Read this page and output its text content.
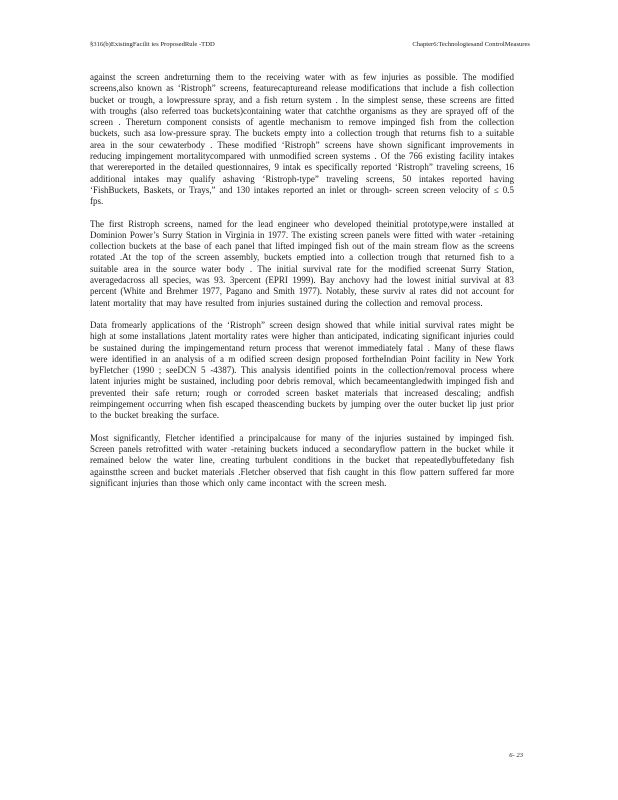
§316(b)ExistingFacilit ies ProposedRule -TDD	Chapter6:Technologiesand ControlMeasures

against the screen andreturning them to the receiving water with as few injuries as possible. The modified screens,also known as ‘Ristroph” screens, featurecaptureand release modifications that include a fish collection bucket or trough, a lowpressure spray, and a fish return system . In the simplest sense, these screens are fitted with troughs (also referred toas buckets)containing water that catchthe organisms as they are sprayed off of the screen . Thereturn component consists of agentle mechanism to remove impinged fish from the collection buckets, such asa low-pressure spray. The buckets empty into a collection trough that returns fish to a suitable area in the sour cewaterbody . These modified ‘Ristroph” screens have shown significant improvements in reducing impingement mortalitycompared with unmodified screen systems . Of the 766 existing facility intakes that werereported in the detailed questionnaires, 9 intak es specifically reported ‘Ristroph” traveling screens, 16 additional intakes may qualify ashaving ‘Ristroph-type” traveling screens, 50 intakes reported having ‘FishBuckets, Baskets, or Trays,” and 130 intakes reported an inlet or through- screen screen velocity of ≤ 0.5 fps.

The first Ristroph screens, named for the lead engineer who developed theinitial prototype,were installed at Dominion Power’s Surry Station in Virginia in 1977. The existing screen panels were fitted with water -retaining collection buckets at the base of each panel that lifted impinged fish out of the main stream flow as the screens rotated .At the top of the screen assembly, buckets emptied into a collection trough that returned fish to a suitable area in the source water body . The initial survival rate for the modified screenat Surry Station, averagedacross all species, was 93. 3percent (EPRI 1999). Bay anchovy had the lowest initial survival at 83 percent (White and Brehmer 1977, Pagano and Smith 1977). Notably, these surviv al rates did not account for latent mortality that may have resulted from injuries sustained during the collection and removal process.

Data fromearly applications of the ‘Ristroph” screen design showed that while initial survival rates might be high at some installations ,latent mortality rates were higher than anticipated, indicating significant injuries could be sustained during the impingementand return process that werenot immediately fatal . Many of these flaws were identified in an analysis of a m odified screen design proposed fortheIndian Point facility in New York byFletcher (1990 ; seeDCN 5 -4387). This analysis identified points in the collection/removal process where latent injuries might be sustained, including poor debris removal, which becameentangledwith impinged fish and prevented their safe return; rough or corroded screen basket materials that increased descaling; andfish reimpingement occurring when fish escaped theascending buckets by jumping over the outer bucket lip just prior to the bucket breaking the surface.

Most significantly, Fletcher identified a principalcause for many of the injuries sustained by impinged fish. Screen panels retrofitted with water -retaining buckets induced a secondaryflow pattern in the bucket while it remained below the water line, creating turbulent conditions in the bucket that repeatedlybuffetedany fish againstthe screen and bucket materials .Fletcher observed that fish caught in this flow pattern suffered far more significant injuries than those which only came incontact with the screen mesh.

6- 23
